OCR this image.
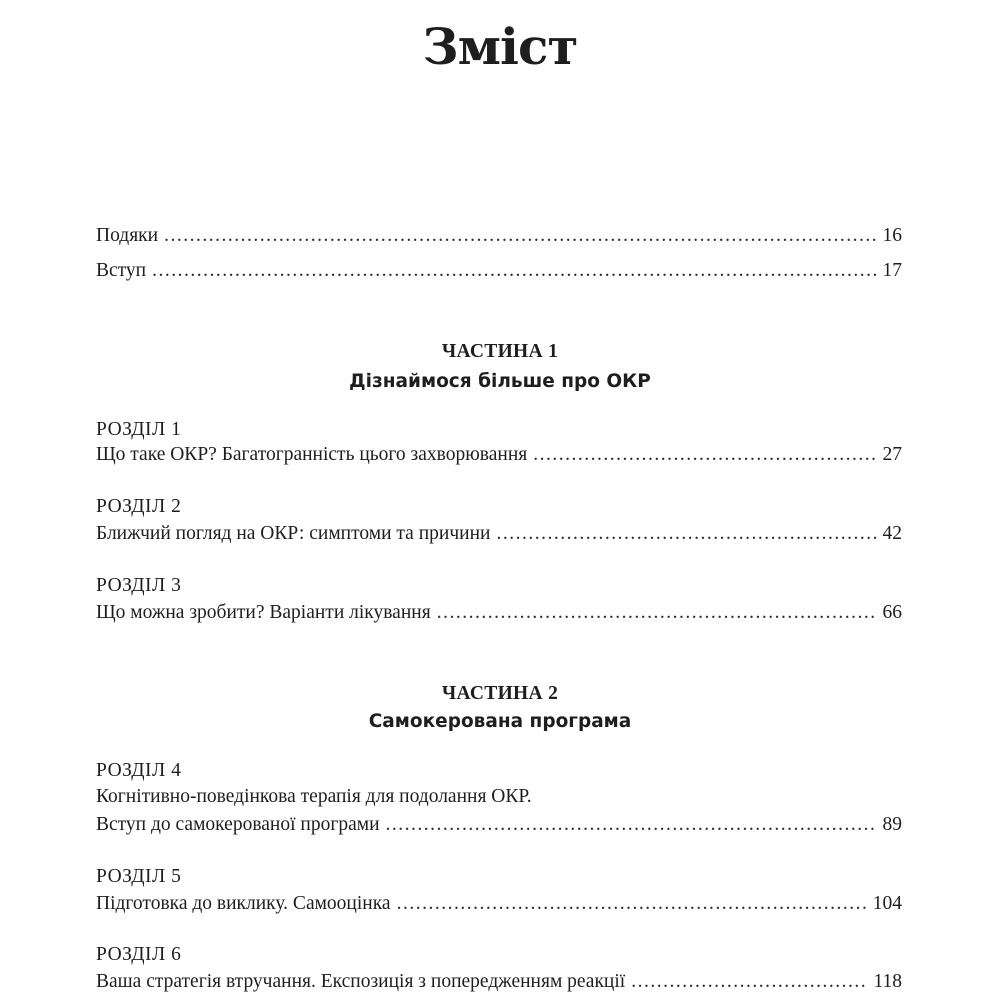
Зміст
Подяки .....	16
Вступ .....	17
ЧАСТИНА 1
Дізнаймося більше про ОКР
РОЗДІЛ 1
Що таке ОКР? Багатогранність цього захворювання .....	27
РОЗДІЛ 2
Ближчий погляд на ОКР: симптоми та причини .....	42
РОЗДІЛ 3
Що можна зробити? Варіанти лікування .....	66
ЧАСТИНА 2
Самокерована програма
РОЗДІЛ 4
Когнітивно-поведінкова терапія для подолання ОКР.
Вступ до самокерованої програми .....	89
РОЗДІЛ 5
Підготовка до виклику. Самооцінка .....	104
РОЗДІЛ 6
Ваша стратегія втручання. Експозиція з попередженням реакції .....	118
